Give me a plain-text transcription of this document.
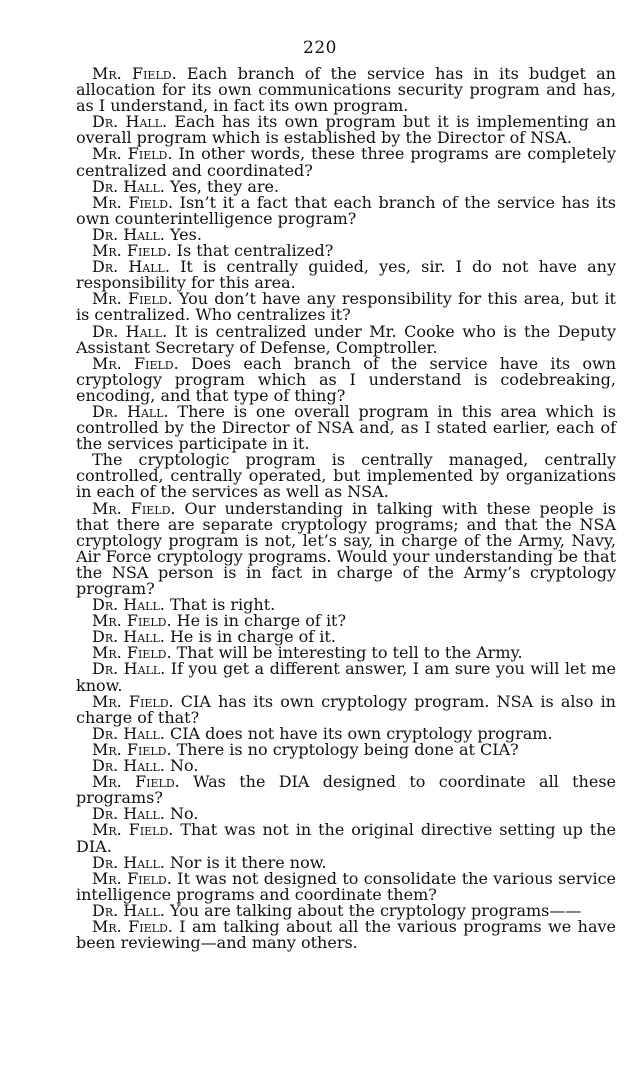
220

Mr. Field. Each branch of the service has in its budget an allocation for its own communications security program and has, as I understand, in fact its own program.

Dr. Hall. Each has its own program but it is implementing an overall program which is established by the Director of NSA.

Mr. Field. In other words, these three programs are completely centralized and coordinated?

Dr. Hall. Yes, they are.

Mr. Field. Isn’t it a fact that each branch of the service has its own counterintelligence program?

Dr. Hall. Yes.

Mr. Field. Is that centralized?

Dr. Hall. It is centrally guided, yes, sir. I do not have any responsibility for this area.

Mr. Field. You don’t have any responsibility for this area, but it is centralized. Who centralizes it?

Dr. Hall. It is centralized under Mr. Cooke who is the Deputy Assistant Secretary of Defense, Comptroller.

Mr. Field. Does each branch of the service have its own cryptology program which as I understand is codebreaking, encoding, and that type of thing?

Dr. Hall. There is one overall program in this area which is controlled by the Director of NSA and, as I stated earlier, each of the services participate in it.

The cryptologic program is centrally managed, centrally controlled, centrally operated, but implemented by organizations in each of the services as well as NSA.

Mr. Field. Our understanding in talking with these people is that there are separate cryptology programs; and that the NSA cryptology program is not, let’s say, in charge of the Army, Navy, Air Force cryptology programs. Would your understanding be that the NSA person is in fact in charge of the Army’s cryptology program?

Dr. Hall. That is right.

Mr. Field. He is in charge of it?

Dr. Hall. He is in charge of it.

Mr. Field. That will be interesting to tell to the Army.

Dr. Hall. If you get a different answer, I am sure you will let me know.

Mr. Field. CIA has its own cryptology program. NSA is also in charge of that?

Dr. Hall. CIA does not have its own cryptology program.

Mr. Field. There is no cryptology being done at CIA?

Dr. Hall. No.

Mr. Field. Was the DIA designed to coordinate all these programs?

Dr. Hall. No.

Mr. Field. That was not in the original directive setting up the DIA.

Dr. Hall. Nor is it there now.

Mr. Field. It was not designed to consolidate the various service intelligence programs and coordinate them?

Dr. Hall. You are talking about the cryptology programs——

Mr. Field. I am talking about all the various programs we have been reviewing—and many others.
